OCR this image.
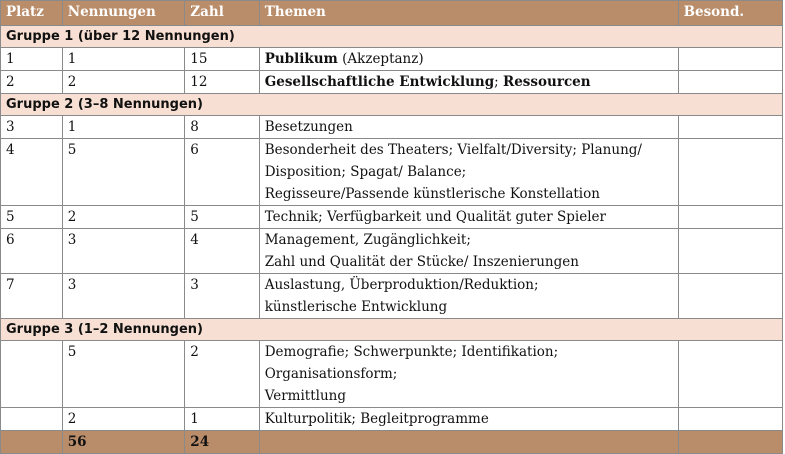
Platz	Nennungen	Zahl	Themen	Besond.
Gruppe 1 (über 12 Nennungen)				
1	1	15	Publikum (Akzeptanz)	
2	2	12	Gesellschaftliche Entwicklung; Ressourcen	
Gruppe 2 (3–8 Nennungen)				
3	1	8	Besetzungen	

4	5	6	Besonderheit des Theaters; Vielfalt/Diversity; Planung/
Disposition; Spagat/ Balance;
Regisseure/Passende künstlerische Konstellation	

5	2	5	Technik; Verfügbarkeit und Qualität guter Spieler	

6	3	4	Management, Zugänglichkeit;
Zahl und Qualität der Stücke/ Inszenierungen	

7	3	3	Auslastung, Überproduktion/Reduktion;
künstlerische Entwicklung	

Gruppe 3 (1–2 Nennungen)				
	5	2	Demografie; Schwerpunkte; Identifikation; Organisationsform;
Vermittlung	

	2	1	Kulturpolitik; Begleitprogramme	

	56	24		
